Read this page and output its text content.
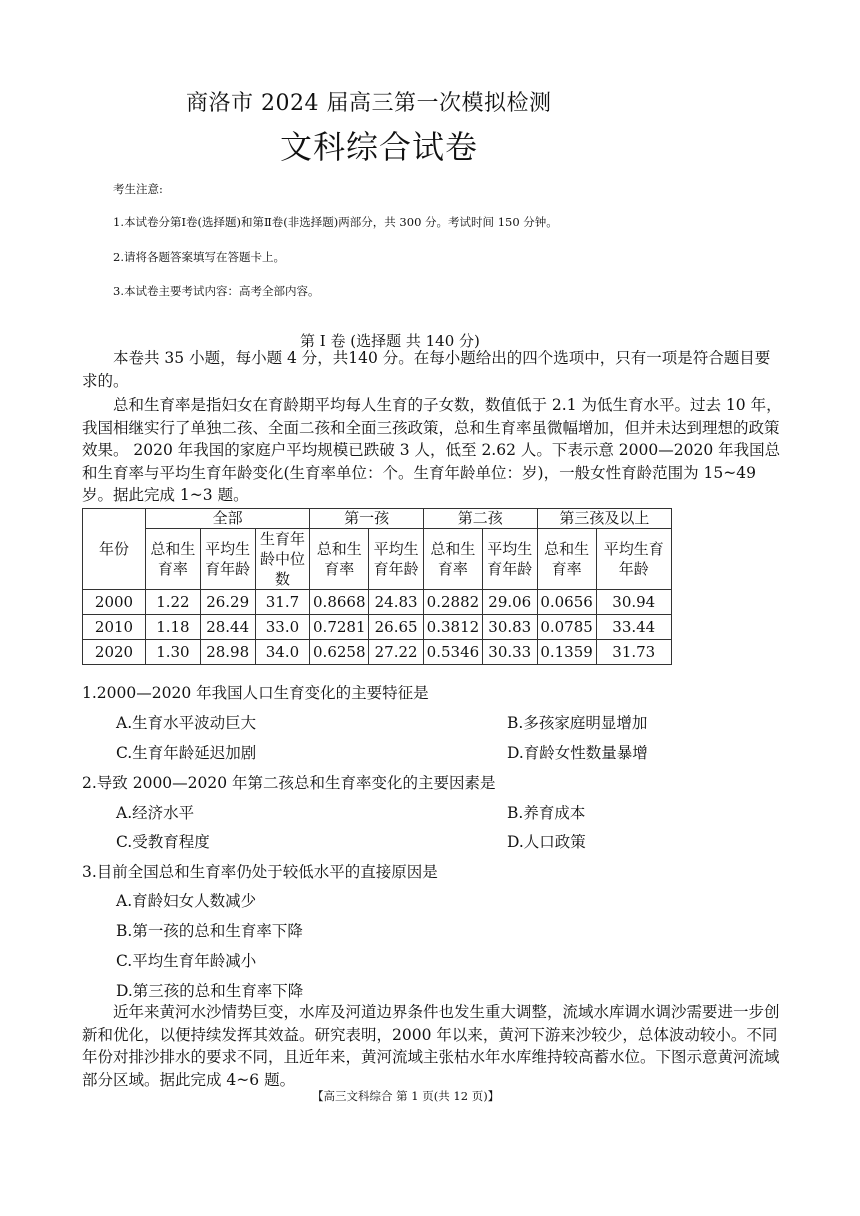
商洛市 2024 届高三第一次模拟检测
文科综合试卷
考生注意:
1.本试卷分第Ⅰ卷(选择题)和第Ⅱ卷(非选择题)两部分，共 300 分。考试时间 150 分钟。
2.请将各题答案填写在答题卡上。
3.本试卷主要考试内容：高考全部内容。
第 Ⅰ 卷 (选择题 共 140 分)
本卷共 35 小题，每小题 4 分，共140 分。在每小题给出的四个选项中，只有一项是符合题目要求的。
总和生育率是指妇女在育龄期平均每人生育的子女数，数值低于 2.1 为低生育水平。过去 10 年，我国相继实行了单独二孩、全面二孩和全面三孩政策，总和生育率虽微幅增加，但并未达到理想的政策效果。 2020 年我国的家庭户平均规模已跌破 3 人，低至 2.62 人。下表示意 2000—2020 年我国总和生育率与平均生育年龄变化(生育率单位：个。生育年龄单位：岁)，一般女性育龄范围为 15~49 岁。据此完成 1~3 题。
年份	全部			第一孩		第二孩		第三孩及以上	
	总和生育率	平均生育年龄	生育年龄中位数	总和生育率	平均生育年龄	总和生育率	平均生育年龄	总和生育率	平均生育年龄
2000	1.22	26.29	31.7	0.8668	24.83	0.2882	29.06	0.0656	30.94
2010	1.18	28.44	33.0	0.7281	26.65	0.3812	30.83	0.0785	33.44
2020	1.30	28.98	34.0	0.6258	27.22	0.5346	30.33	0.1359	31.73
1.2000—2020 年我国人口生育变化的主要特征是
A.生育水平波动巨大	B.多孩家庭明显增加
C.生育年龄延迟加剧	D.育龄女性数量暴增
2.导致 2000—2020 年第二孩总和生育率变化的主要因素是
A.经济水平	B.养育成本
C.受教育程度	D.人口政策
3.目前全国总和生育率仍处于较低水平的直接原因是
A.育龄妇女人数减少
B.第一孩的总和生育率下降
C.平均生育年龄减小
D.第三孩的总和生育率下降
近年来黄河水沙情势巨变，水库及河道边界条件也发生重大调整，流域水库调水调沙需要进一步创新和优化，以便持续发挥其效益。研究表明，2000 年以来，黄河下游来沙较少，总体波动较小。不同年份对排沙排水的要求不同，且近年来，黄河流域主张枯水年水库维持较高蓄水位。下图示意黄河流域部分区域。据此完成 4~6 题。
【高三文科综合 第 1 页(共 12 页)】
